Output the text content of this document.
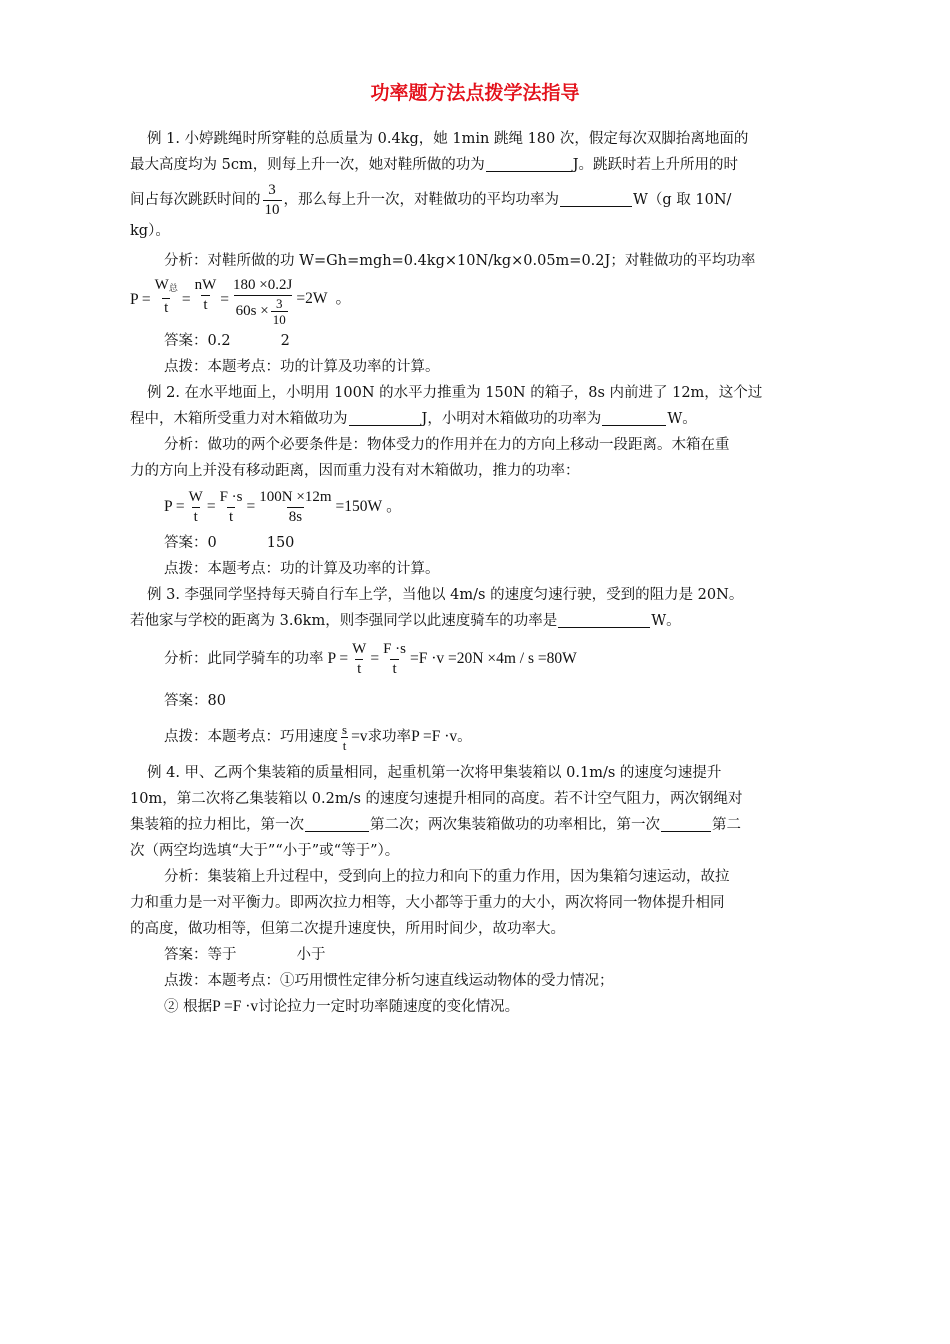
功率题方法点拨学法指导

例 1. 小婷跳绳时所穿鞋的总质量为 0.4kg，她 1min 跳绳 180 次，假定每次双脚抬离地面的

最大高度均为 5cm，则每上升一次，她对鞋所做的功为	J。跳跃时若上升所用的时

间占每次跳跃时间的 $\frac{3}{10}$ ，那么每上升一次，对鞋做功的平均功率为	W（g 取 10N/

kg）。

分析：对鞋所做的功 W=Gh=mgh=0.4kg×10N/kg×0.05m=0.2J；对鞋做功的平均功率

$P = \frac{W_总}{t} = \frac{nW}{t} = \frac{180 \times 0.2J}{60s \times \frac{3}{10}} =2W$ 。

答案：0.2	2

点拨：本题考点：功的计算及功率的计算。

例 2. 在水平地面上，小明用 100N 的水平力推重为 150N 的箱子，8s 内前进了 12m，这个过

程中，木箱所受重力对木箱做功为	J，小明对木箱做功的功率为	W。

分析：做功的两个必要条件是：物体受力的作用并在力的方向上移动一段距离。木箱在重

力的方向上并没有移动距离，因而重力没有对木箱做功，推力的功率：

$P = \frac{W}{t} = \frac{F \cdot s}{t} = \frac{100N \times 12m}{8s} =150W$ 。

答案：0	150

点拨：本题考点：功的计算及功率的计算。

例 3. 李强同学坚持每天骑自行车上学，当他以 4m/s 的速度匀速行驶，受到的阻力是 20N。

若他家与学校的距离为 3.6km，则李强同学以此速度骑车的功率是	W。

分析：此同学骑车的功率 $P = \frac{W}{t} = \frac{F \cdot s}{t} =F \cdot v =20N \times 4m / s =80W$

答案：80

点拨：本题考点：巧用速度 $\frac{s}{t} =v$ 求功率 P =F ·v 。

例 4. 甲、乙两个集装箱的质量相同，起重机第一次将甲集装箱以 0.1m/s 的速度匀速提升

10m，第二次将乙集装箱以 0.2m/s 的速度匀速提升相同的高度。若不计空气阻力，两次钢绳对

集装箱的拉力相比，第一次	第二次；两次集装箱做功的功率相比，第一次	第二

次（两空均选填“大于”“小于”或“等于”）。

分析：集装箱上升过程中，受到向上的拉力和向下的重力作用，因为集箱匀速运动，故拉

力和重力是一对平衡力。即两次拉力相等，大小都等于重力的大小，两次将同一物体提升相同

的高度，做功相等，但第二次提升速度快，所用时间少，故功率大。

答案：等于	小于

点拨：本题考点：①巧用惯性定律分析匀速直线运动物体的受力情况；

② 根据P =F ·v讨论拉力一定时功率随速度的变化情况。
